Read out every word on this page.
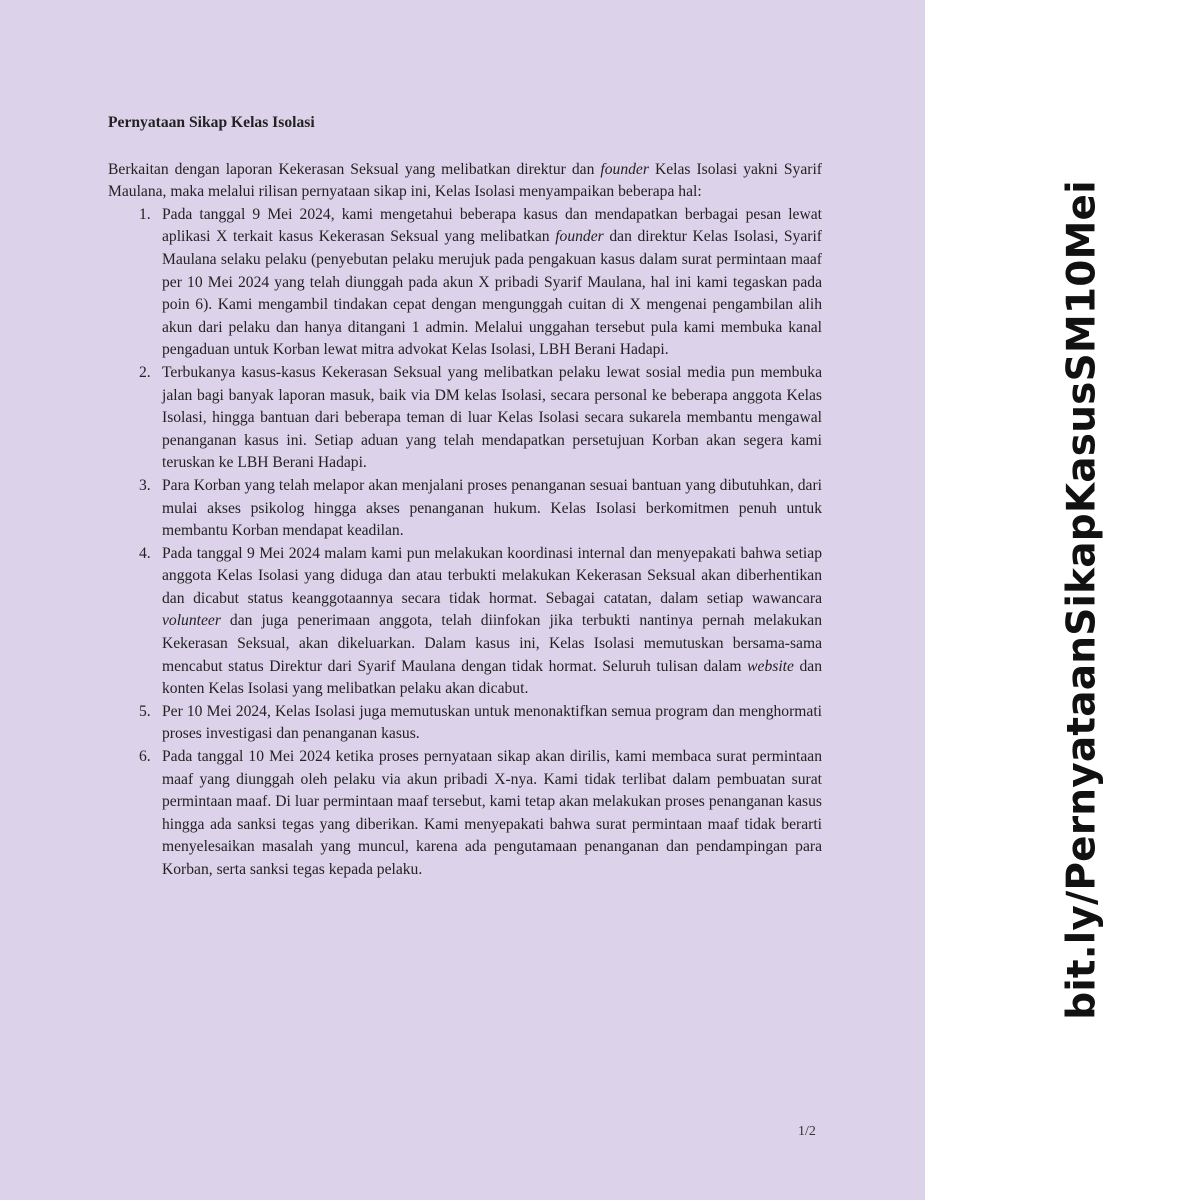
Pernyataan Sikap Kelas Isolasi

Berkaitan dengan laporan Kekerasan Seksual yang melibatkan direktur dan founder Kelas Isolasi yakni Syarif Maulana, maka melalui rilisan pernyataan sikap ini, Kelas Isolasi menyampaikan beberapa hal:

1. Pada tanggal 9 Mei 2024, kami mengetahui beberapa kasus dan mendapatkan berbagai pesan lewat aplikasi X terkait kasus Kekerasan Seksual yang melibatkan founder dan direktur Kelas Isolasi, Syarif Maulana selaku pelaku (penyebutan pelaku merujuk pada pengakuan kasus dalam surat permintaan maaf per 10 Mei 2024 yang telah diunggah pada akun X pribadi Syarif Maulana, hal ini kami tegaskan pada poin 6). Kami mengambil tindakan cepat dengan mengunggah cuitan di X mengenai pengambilan alih akun dari pelaku dan hanya ditangani 1 admin. Melalui unggahan tersebut pula kami membuka kanal pengaduan untuk Korban lewat mitra advokat Kelas Isolasi, LBH Berani Hadapi.
2. Terbukanya kasus-kasus Kekerasan Seksual yang melibatkan pelaku lewat sosial media pun membuka jalan bagi banyak laporan masuk, baik via DM kelas Isolasi, secara personal ke beberapa anggota Kelas Isolasi, hingga bantuan dari beberapa teman di luar Kelas Isolasi secara sukarela membantu mengawal penanganan kasus ini. Setiap aduan yang telah mendapatkan persetujuan Korban akan segera kami teruskan ke LBH Berani Hadapi.
3. Para Korban yang telah melapor akan menjalani proses penanganan sesuai bantuan yang dibutuhkan, dari mulai akses psikolog hingga akses penanganan hukum. Kelas Isolasi berkomitmen penuh untuk membantu Korban mendapat keadilan.
4. Pada tanggal 9 Mei 2024 malam kami pun melakukan koordinasi internal dan menyepakati bahwa setiap anggota Kelas Isolasi yang diduga dan atau terbukti melakukan Kekerasan Seksual akan diberhentikan dan dicabut status keanggotaannya secara tidak hormat. Sebagai catatan, dalam setiap wawancara volunteer dan juga penerimaan anggota, telah diinfokan jika terbukti nantinya pernah melakukan Kekerasan Seksual, akan dikeluarkan. Dalam kasus ini, Kelas Isolasi memutuskan bersama-sama mencabut status Direktur dari Syarif Maulana dengan tidak hormat. Seluruh tulisan dalam website dan konten Kelas Isolasi yang melibatkan pelaku akan dicabut.
5. Per 10 Mei 2024, Kelas Isolasi juga memutuskan untuk menonaktifkan semua program dan menghormati proses investigasi dan penanganan kasus.
6. Pada tanggal 10 Mei 2024 ketika proses pernyataan sikap akan dirilis, kami membaca surat permintaan maaf yang diunggah oleh pelaku via akun pribadi X-nya. Kami tidak terlibat dalam pembuatan surat permintaan maaf. Di luar permintaan maaf tersebut, kami tetap akan melakukan proses penanganan kasus hingga ada sanksi tegas yang diberikan. Kami menyepakati bahwa surat permintaan maaf tidak berarti menyelesaikan masalah yang muncul, karena ada pengutamaan penanganan dan pendampingan para Korban, serta sanksi tegas kepada pelaku.
1/2
bit.ly/PernyataanSikapKasusSM10Mei
